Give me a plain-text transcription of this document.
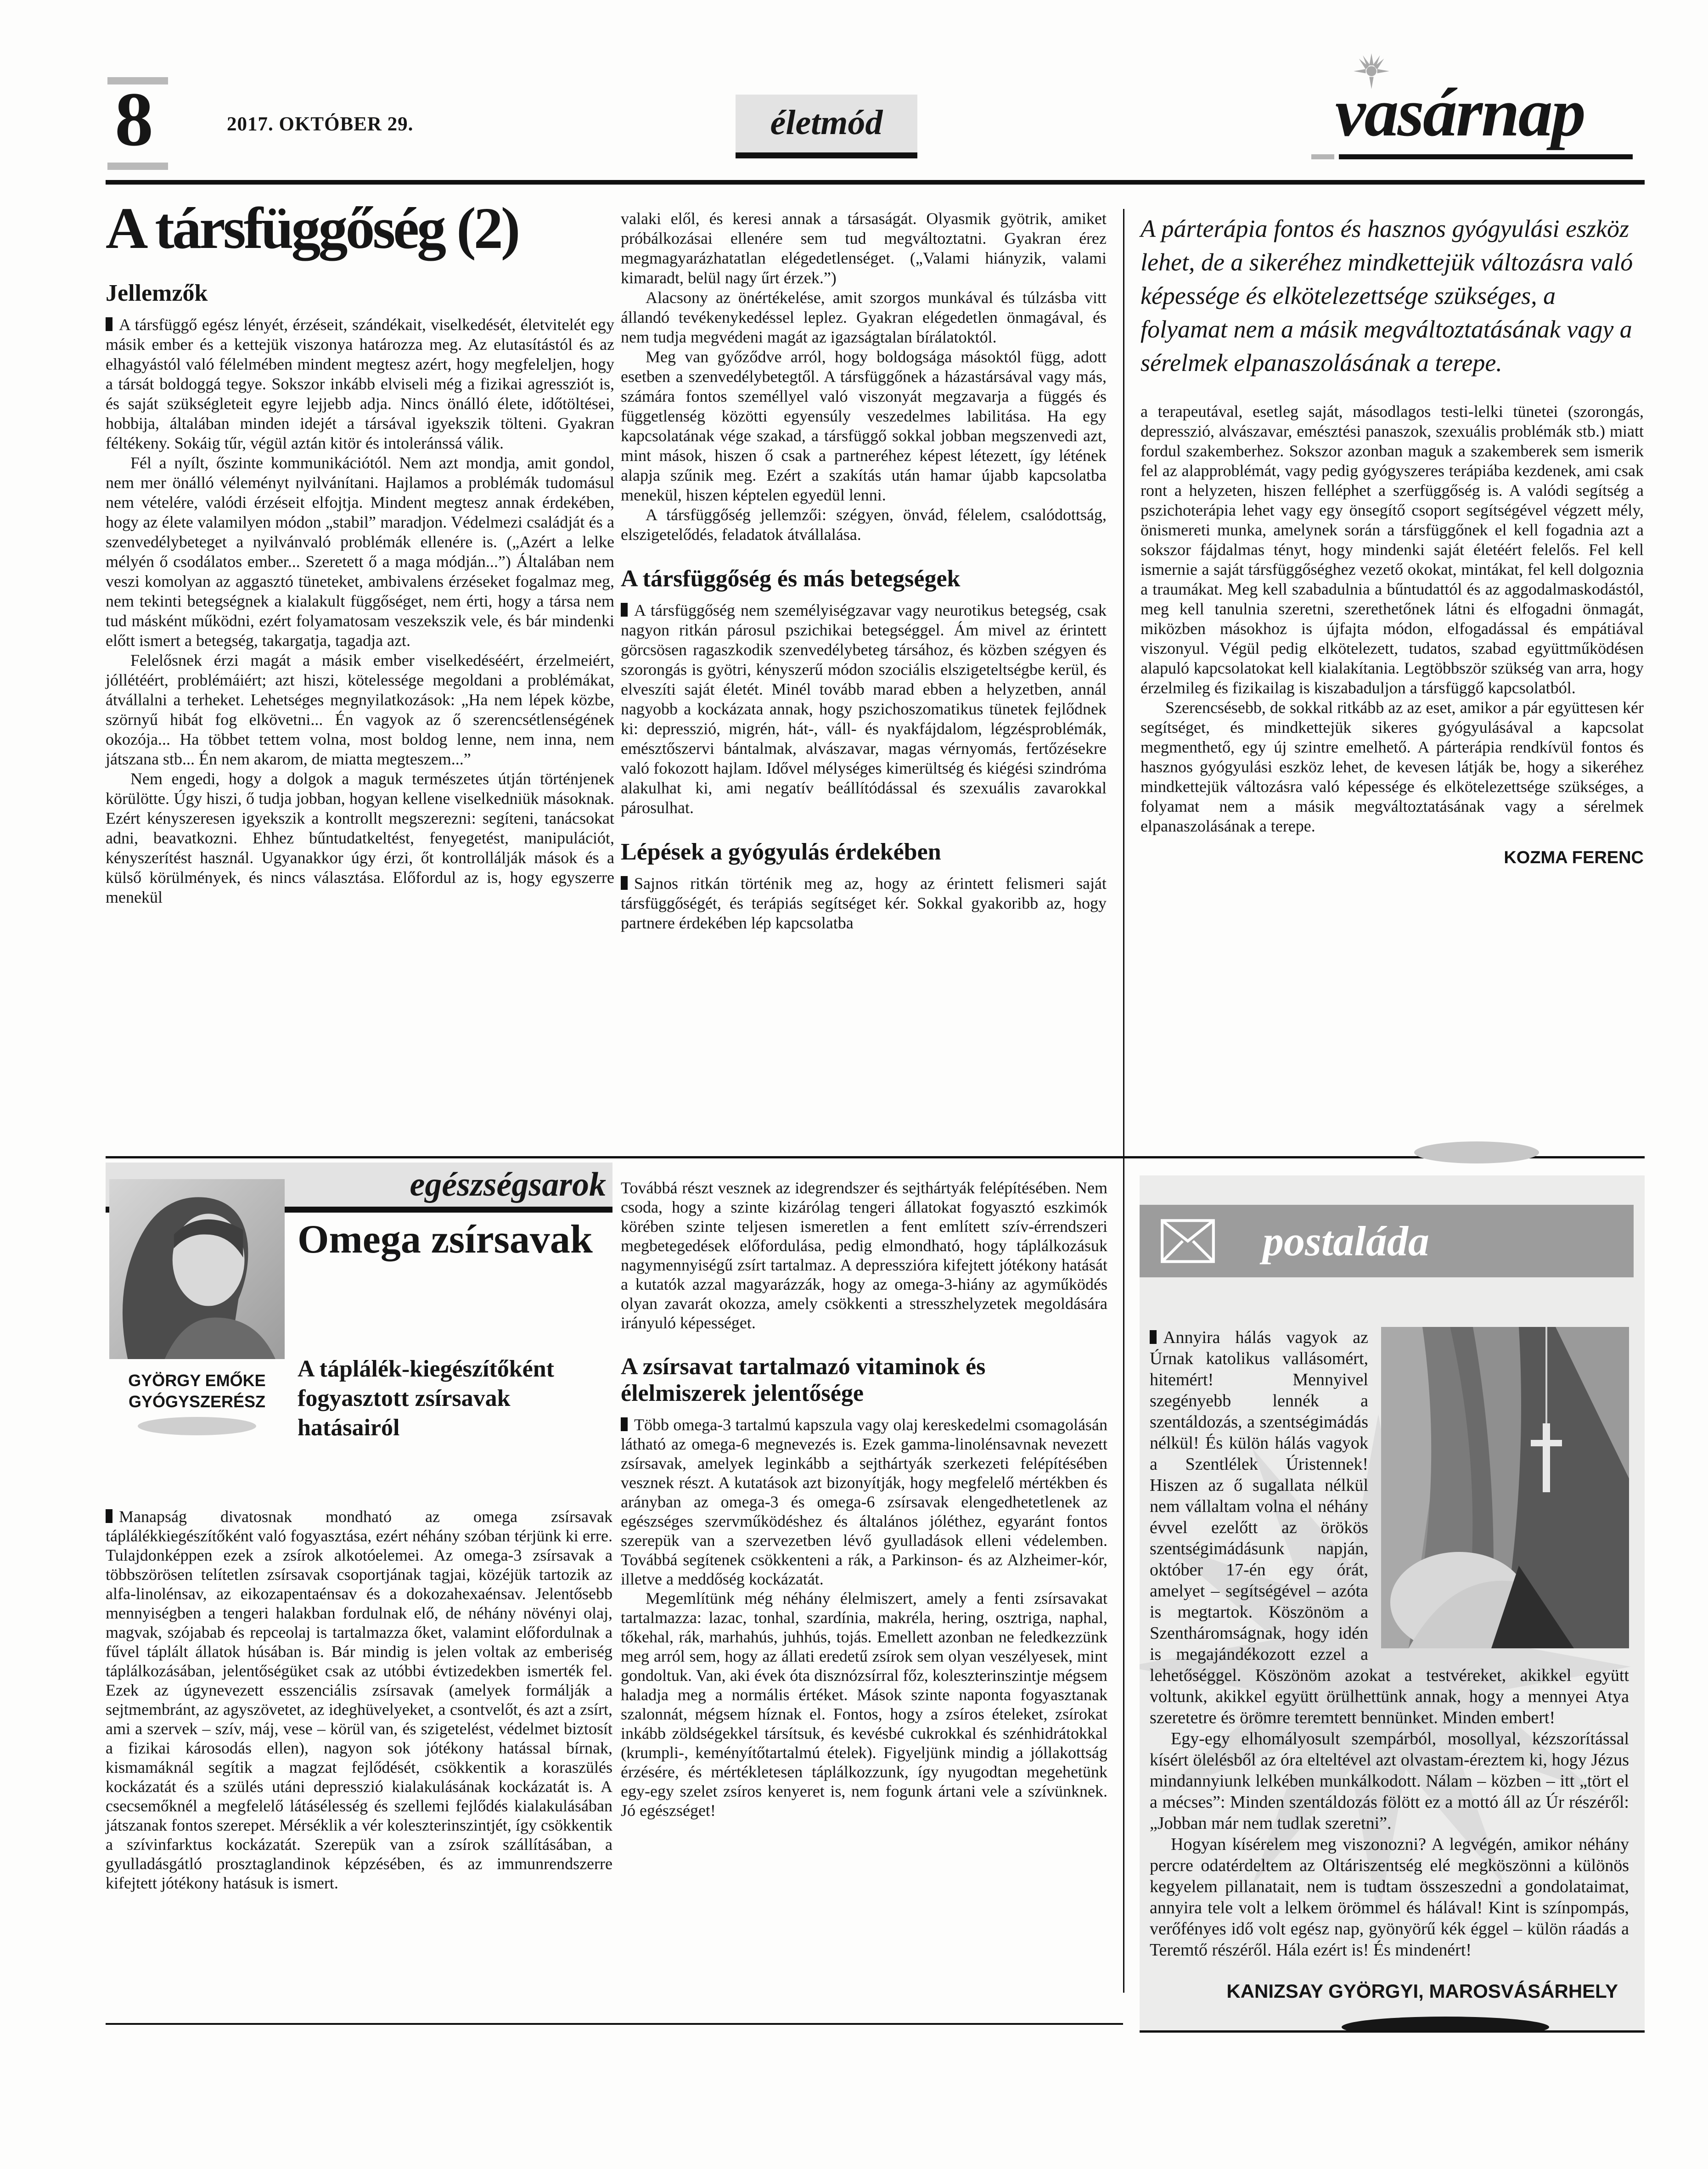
8	2017. OKTÓBER 29.	életmód	vasárnap
A társfüggőség (2)
Jellemzők

A társfüggő egész lényét, érzéseit, szándékait, viselkedését, életvitelét egy másik ember és a kettejük viszonya határozza meg. Az elutasítástól és az elhagyástól való félelmében mindent megtesz azért, hogy megfeleljen, hogy a társát boldoggá tegye. Sokszor inkább elviseli még a fizikai agressziót is, és saját szükségleteit egyre lejjebb adja. Nincs önálló élete, időtöltései, hobbija, általában minden idejét a társával igyekszik tölteni. Gyakran féltékeny. Sokáig tűr, végül aztán kitör és intoleránssá válik.

Fél a nyílt, őszinte kommunikációtól. Nem azt mondja, amit gondol, nem mer önálló véleményt nyilvánítani. Hajlamos a problémák tudomásul nem vételére, valódi érzéseit elfojtja. Mindent megtesz annak érdekében, hogy az élete valamilyen módon „stabil” maradjon. Védelmezi családját és a szenvedélybeteget a nyilvánvaló problémák ellenére is. („Azért a lelke mélyén ő csodálatos ember... Szeretett ő a maga módján...”) Általában nem veszi komolyan az aggasztó tüneteket, ambivalens érzéseket fogalmaz meg, nem tekinti betegségnek a kialakult függőséget, nem érti, hogy a társa nem tud másként működni, ezért folyamatosam veszekszik vele, és bár mindenki előtt ismert a betegség, takargatja, tagadja azt.

Felelősnek érzi magát a másik ember viselkedéséért, érzelmeiért, jóllétéért, problémáiért; azt hiszi, kötelessége megoldani a problémákat, átvállalni a terheket. Lehetséges megnyilatkozások: „Ha nem lépek közbe, szörnyű hibát fog elkövetni... Én vagyok az ő szerencsétlenségének okozója... Ha többet tettem volna, most boldog lenne, nem inna, nem játszana stb... Én nem akarom, de miatta megteszem...”

Nem engedi, hogy a dolgok a maguk természetes útján történjenek körülötte. Úgy hiszi, ő tudja jobban, hogyan kellene viselkedniük másoknak. Ezért kényszeresen igyekszik a kontrollt megszerezni: segíteni, tanácsokat adni, beavatkozni. Ehhez bűntudatkeltést, fenyegetést, manipulációt, kényszerítést használ. Ugyanakkor úgy érzi, őt kontrollálják mások és a külső körülmények, és nincs választása. Előfordul az is, hogy egyszerre menekül

valaki elől, és keresi annak a társaságát. Olyasmik gyötrik, amiket próbálkozásai ellenére sem tud megváltoztatni. Gyakran érez megmagyarázhatatlan elégedetlenséget. („Valami hiányzik, valami kimaradt, belül nagy űrt érzek.”)

Alacsony az önértékelése, amit szorgos munkával és túlzásba vitt állandó tevékenykedéssel leplez. Gyakran elégedetlen önmagával, és nem tudja megvédeni magát az igazságtalan bírálatoktól.

Meg van győződve arról, hogy boldogsága másoktól függ, adott esetben a szenvedélybetegtől. A társfüggőnek a házastársával vagy más, számára fontos személlyel való viszonyát megzavarja a függés és függetlenség közötti egyensúly veszedelmes labilitása. Ha egy kapcsolatának vége szakad, a társfüggő sokkal jobban megszenvedi azt, mint mások, hiszen ő csak a partneréhez képest létezett, így létének alapja szűnik meg. Ezért a szakítás után hamar újabb kapcsolatba menekül, hiszen képtelen egyedül lenni.

A társfüggőség jellemzői: szégyen, önvád, félelem, csalódottság, elszigetelődés, feladatok átvállalása.

A társfüggőség és más betegségek

A társfüggőség nem személyiségzavar vagy neurotikus betegség, csak nagyon ritkán párosul pszichikai betegséggel. Ám mivel az érintett görcsösen ragaszkodik szenvedélybeteg társához, és közben szégyen és szorongás is gyötri, kényszerű módon szociális elszigeteltségbe kerül, és elveszíti saját életét. Minél tovább marad ebben a helyzetben, annál nagyobb a kockázata annak, hogy pszichoszomatikus tünetek fejlődnek ki: depresszió, migrén, hát-, váll- és nyakfájdalom, légzésproblémák, emésztőszervi bántalmak, alvászavar, magas vérnyomás, fertőzésekre való fokozott hajlam. Idővel mélységes kimerültség és kiégési szindróma alakulhat ki, ami negatív beállítódással és szexuális zavarokkal párosulhat.

Lépések a gyógyulás érdekében

Sajnos ritkán történik meg az, hogy az érintett felismeri saját társfüggőségét, és terápiás segítséget kér. Sokkal gyakoribb az, hogy partnere érdekében lép kapcsolatba

A párterápia fontos és hasznos gyógyulási eszköz lehet, de a sikeréhez mindkettejük változásra való képessége és elkötelezettsége szükséges, a folyamat nem a másik megváltoztatásának vagy a sérelmek elpanaszolásának a terepe.

a terapeutával, esetleg saját, másodlagos testi-lelki tünetei (szorongás, depresszió, alvászavar, emésztési panaszok, szexuális problémák stb.) miatt fordul szakemberhez. Sokszor azonban maguk a szakemberek sem ismerik fel az alapproblémát, vagy pedig gyógyszeres terápiába kezdenek, ami csak ront a helyzeten, hiszen felléphet a szerfüggőség is. A valódi segítség a pszichoterápia lehet vagy egy önsegítő csoport segítségével végzett mély, önismereti munka, amelynek során a társfüggőnek el kell fogadnia azt a sokszor fájdalmas tényt, hogy mindenki saját életéért felelős. Fel kell ismernie a saját társfüggőséghez vezető okokat, mintákat, fel kell dolgoznia a traumákat. Meg kell szabadulnia a bűntudattól és az aggodalmaskodástól, meg kell tanulnia szeretni, szerethetőnek látni és elfogadni önmagát, miközben másokhoz is újfajta módon, elfogadással és empátiával viszonyul. Végül pedig elkötelezett, tudatos, szabad együttműködésen alapuló kapcsolatokat kell kialakítania. Legtöbbször szükség van arra, hogy érzelmileg és fizikailag is kiszabaduljon a társfüggő kapcsolatból.

Szerencsésebb, de sokkal ritkább az az eset, amikor a pár együttesen kér segítséget, és mindkettejük sikeres gyógyulásával a kapcsolat megmenthető, egy új szintre emelhető. A párterápia rendkívül fontos és hasznos gyógyulási eszköz lehet, de kevesen látják be, hogy a sikeréhez mindkettejük változásra való képessége és elkötelezettsége szükséges, a folyamat nem a másik megváltoztatásának vagy a sérelmek elpanaszolásának a terepe.

KOZMA FERENC
egészségsarok
GYÖRGY EMŐKE
GYÓGYSZERÉSZ
Omega zsírsavak
A táplálék-kiegészítőként fogyasztott zsírsavak hatásairól

Manapság divatosnak mondható az omega zsírsavak táplálékkiegészítőként való fogyasztása, ezért néhány szóban térjünk ki erre. Tulajdonképpen ezek a zsírok alkotóelemei. Az omega-3 zsírsavak a többszörösen telítetlen zsírsavak csoportjának tagjai, közéjük tartozik az alfa-linolénsav, az eikozapentaénsav és a dokozahexaénsav. Jelentősebb mennyiségben a tengeri halakban fordulnak elő, de néhány növényi olaj, magvak, szójabab és repceolaj is tartalmazza őket, valamint előfordulnak a fűvel táplált állatok húsában is. Bár mindig is jelen voltak az emberiség táplálkozásában, jelentőségüket csak az utóbbi évtizedekben ismerték fel. Ezek az úgynevezett esszenciális zsírsavak (amelyek formálják a sejtmembránt, az agyszövetet, az ideghüvelyeket, a csontvelőt, és azt a zsírt, ami a szervek – szív, máj, vese – körül van, és szigetelést, védelmet biztosít a fizikai károsodás ellen), nagyon sok jótékony hatással bírnak, kismamáknál segítik a magzat fejlődését, csökkentik a koraszülés kockázatát és a szülés utáni depresszió kialakulásának kockázatát is. A csecsemőknél a megfelelő látásélesség és szellemi fejlődés kialakulásában játszanak fontos szerepet. Mérséklik a vér koleszterinszintjét, így csökkentik a szívinfarktus kockázatát. Szerepük van a zsírok szállításában, a gyulladásgátló prosztaglandinok képzésében, és az immunrendszerre kifejtett jótékony hatásuk is ismert.

Továbbá részt vesznek az idegrendszer és sejthártyák felépítésében. Nem csoda, hogy a szinte kizárólag tengeri állatokat fogyasztó eszkimók körében szinte teljesen ismeretlen a fent említett szív-érrendszeri megbetegedések előfordulása, pedig elmondható, hogy táplálkozásuk nagymennyiségű zsírt tartalmaz. A depresszióra kifejtett jótékony hatását a kutatók azzal magyarázzák, hogy az omega-3-hiány az agyműködés olyan zavarát okozza, amely csökkenti a stresszhelyzetek megoldására irányuló képességet.

A zsírsavat tartalmazó vitaminok és élelmiszerek jelentősége

Több omega-3 tartalmú kapszula vagy olaj kereskedelmi csomagolásán látható az omega-6 megnevezés is. Ezek gamma-linolénsavnak nevezett zsírsavak, amelyek leginkább a sejthártyák szerkezeti felépítésében vesznek részt. A kutatások azt bizonyítják, hogy megfelelő mértékben és arányban az omega-3 és omega-6 zsírsavak elengedhetetlenek az egészséges szervműködéshez és általános jóléthez, egyaránt fontos szerepük van a szervezetben lévő gyulladások elleni védelemben. Továbbá segítenek csökkenteni a rák, a Parkinson- és az Alzheimer-kór, illetve a meddőség kockázatát.

Megemlítünk még néhány élelmiszert, amely a fenti zsírsavakat tartalmazza: lazac, tonhal, szardínia, makréla, hering, osztriga, naphal, tőkehal, rák, marhahús, juhhús, tojás. Emellett azonban ne feledkezzünk meg arról sem, hogy az állati eredetű zsírok sem olyan veszélyesek, mint gondoltuk. Van, aki évek óta disznózsírral főz, koleszterinszintje mégsem haladja meg a normális értéket. Mások szinte naponta fogyasztanak szalonnát, mégsem híznak el. Fontos, hogy a zsíros ételeket, zsírokat inkább zöldségekkel társítsuk, és kevésbé cukrokkal és szénhidrátokkal (krumpli-, keményítőtartalmú ételek). Figyeljünk mindig a jóllakottság érzésére, és mértékletesen táplálkozzunk, így nyugodtan megehetünk egy-egy szelet zsíros kenyeret is, nem fogunk ártani vele a szívünknek. Jó egészséget!

postaláda

Annyira hálás vagyok az Úrnak katolikus vallásomért, hitemért! Mennyivel szegényebb lennék a szentáldozás, a szentségimádás nélkül! És külön hálás vagyok a Szentlélek Úristennek! Hiszen az ő sugallata nélkül nem vállaltam volna el néhány évvel ezelőtt az örökös szentségimádásunk napján, október 17-én egy órát, amelyet – segítségével – azóta is megtartok. Köszönöm a Szentháromságnak, hogy idén is megajándékozott ezzel a lehetőséggel. Köszönöm azokat a testvéreket, akikkel együtt voltunk, akikkel együtt örülhettünk annak, hogy a mennyei Atya szeretetre és örömre teremtett bennünket. Minden embert!

Egy-egy elhomályosult szempárból, mosollyal, kézszorítással kísért ölelésből az óra elteltével azt olvastam-éreztem ki, hogy Jézus mindannyiunk lelkében munkálkodott. Nálam – közben – itt „tört el a mécses”: Minden szentáldozás fölött ez a mottó áll az Úr részéről: „Jobban már nem tudlak szeretni”.

Hogyan kísérelem meg viszonozni? A legvégén, amikor néhány percre odatérdeltem az Oltáriszentség elé megköszönni a különös kegyelem pillanatait, nem is tudtam összeszedni a gondolataimat, annyira tele volt a lelkem örömmel és hálával! Kint is színpompás, verőfényes idő volt egész nap, gyönyörű kék éggel – külön ráadás a Teremtő részéről. Hála ezért is! És mindenért!

KANIZSAY GYÖRGYI, MAROSVÁSÁRHELY
